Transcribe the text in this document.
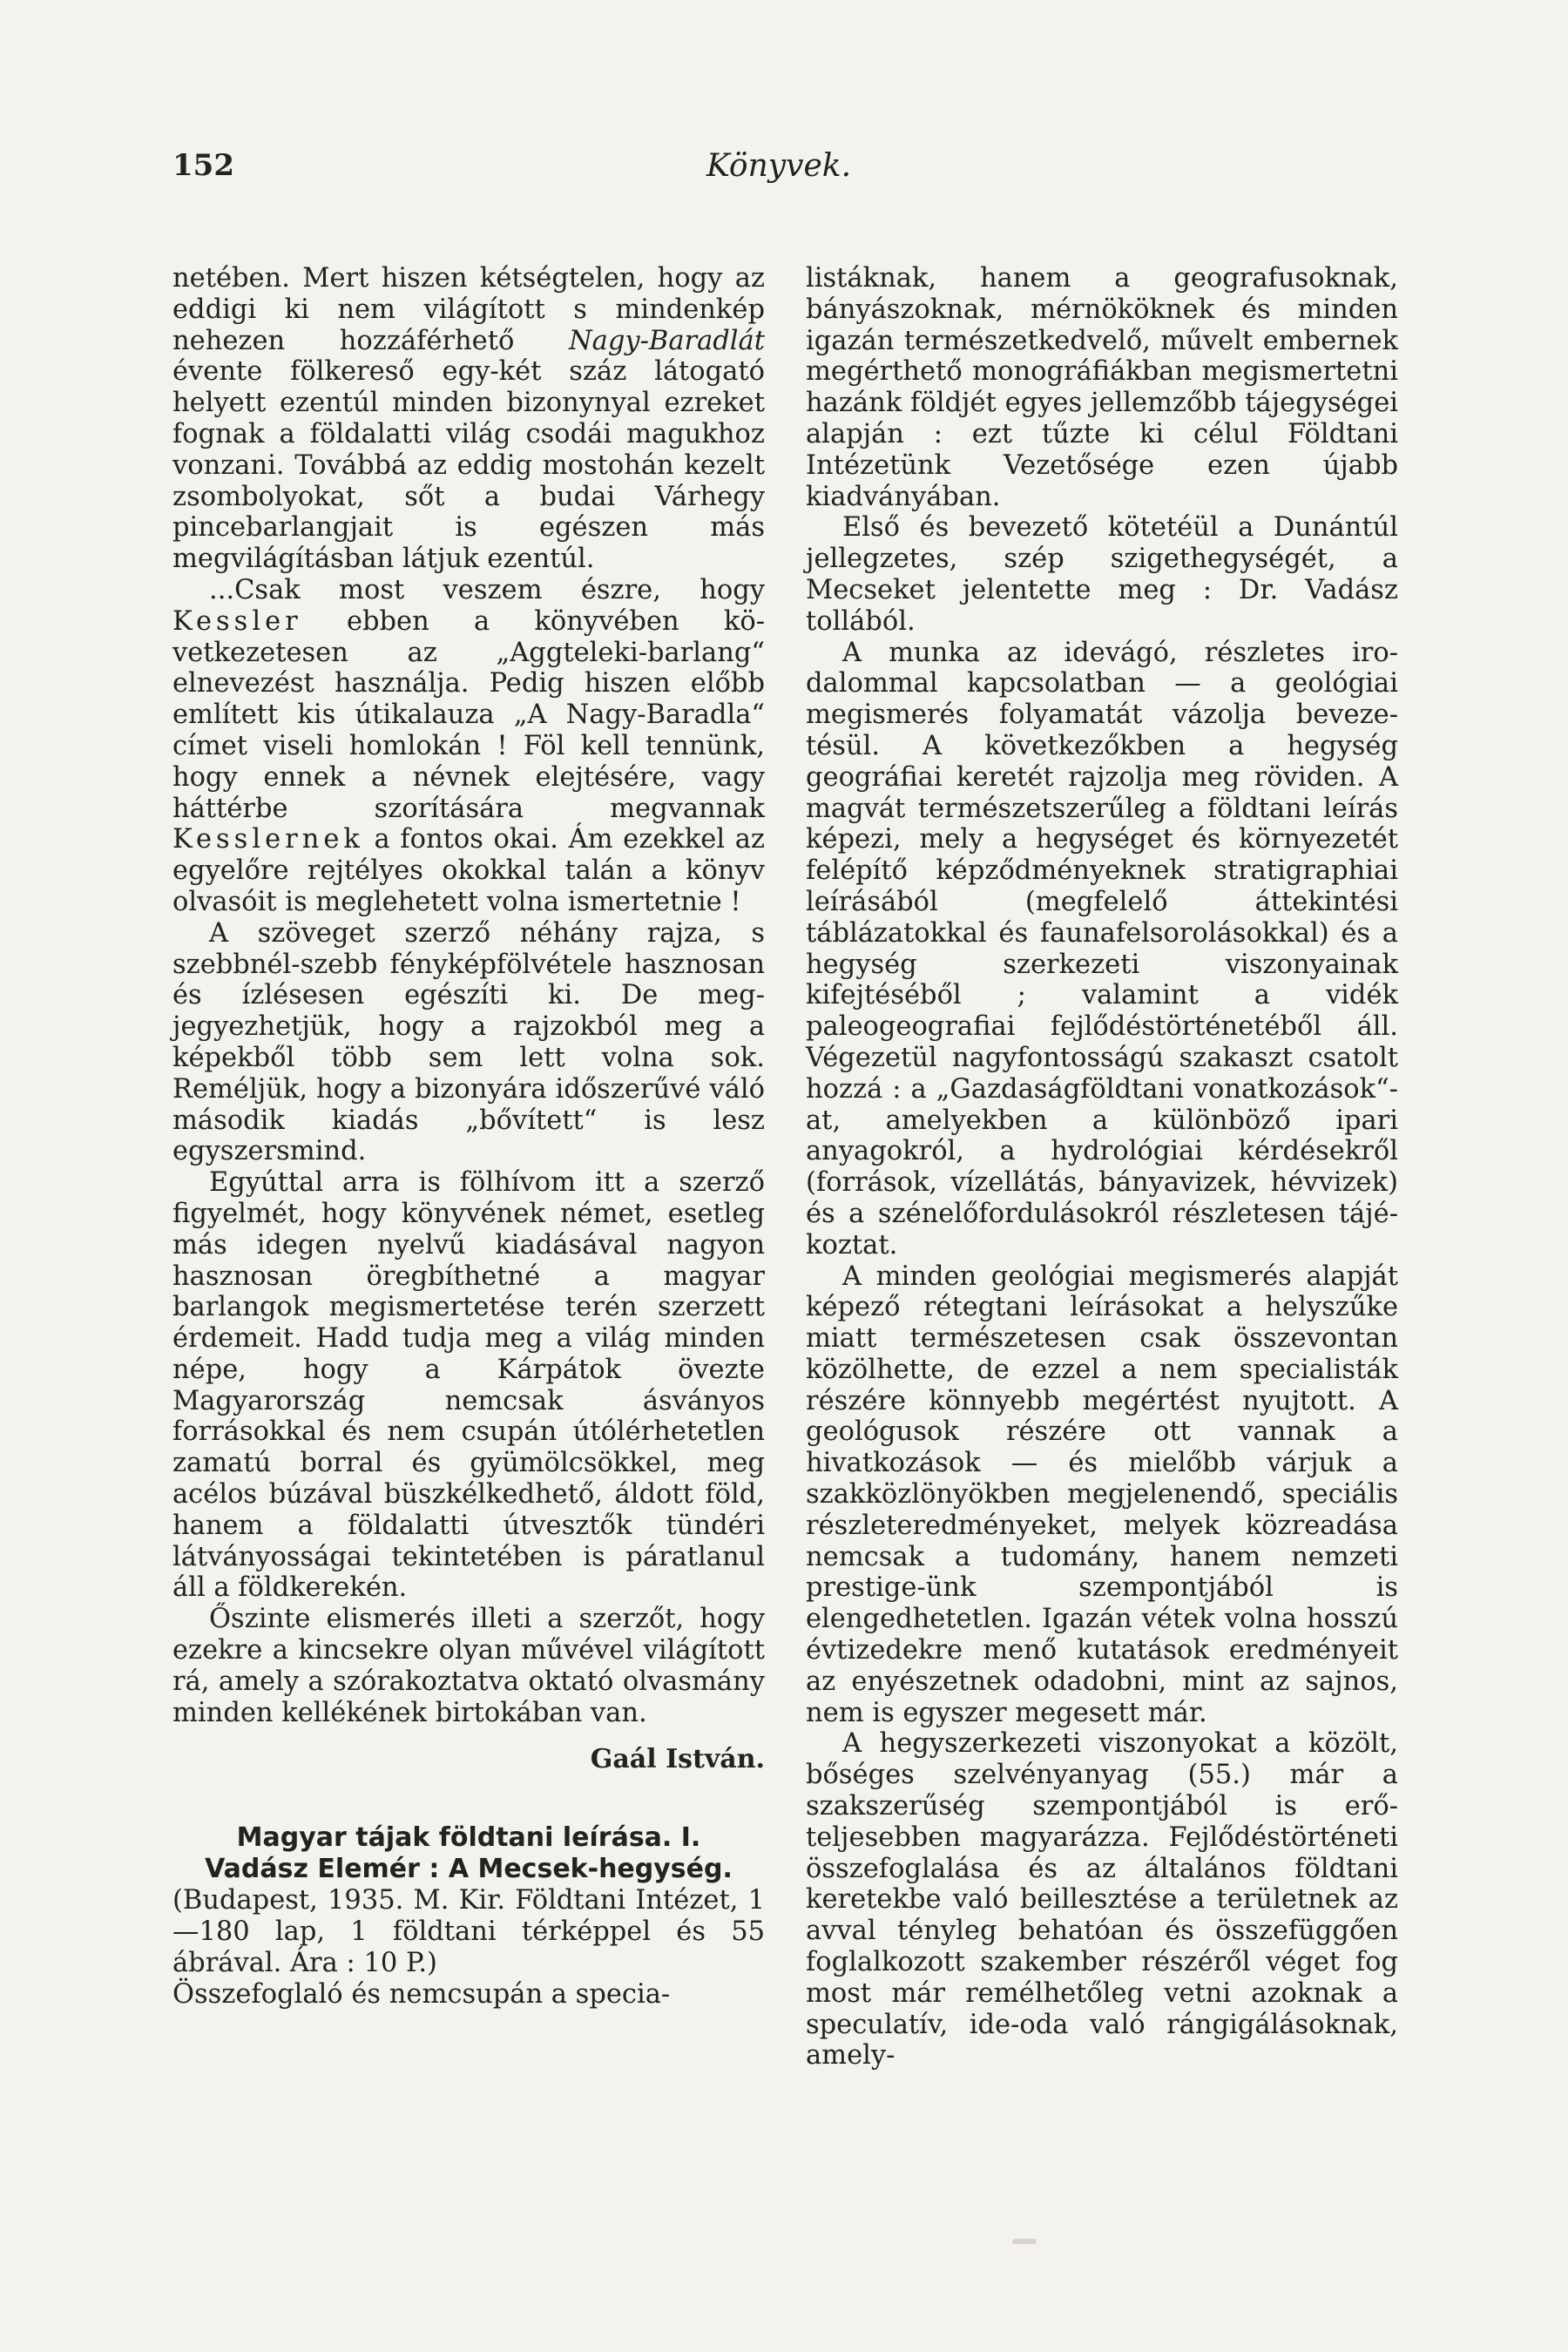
152	Könyvek.

netében. Mert hiszen kétségtelen, hogy az eddigi ki nem világított s mindenkép nehezen hozzáférhető Nagy-Baradlát évente fölkereső egy-két száz látogató helyett ezentúl minden bizonynyal ezreket fognak a földalatti világ csodái magukhoz vonzani. Továbbá az eddig mostohán kezelt zsombolyokat, sőt a budai Várhegy pincebarlangjait is egészen más megvilágításban látjuk ezentúl.

...Csak most veszem észre, hogy Kessler ebben a könyvében következetesen az „Aggteleki-barlang“ elnevezést használja. Pedig hiszen előbb említett kis útikalauza „A Nagy-Baradla“ címet viseli homlokán ! Föl kell tennünk, hogy ennek a névnek elejtésére, vagy háttérbe szorítására megvannak Kesslernek a fontos okai. Ám ezekkel az egyelőre rejtélyes okokkal talán a könyv olvasóit is meglehetett volna ismertetnie !

A szöveget szerző néhány rajza, s szebbnél-szebb fényképfölvétele hasznosan és ízlésesen egészíti ki. De megjegyezhetjük, hogy a rajzokból meg a képekből több sem lett volna sok. Reméljük, hogy a bizonyára időszerűvé váló második kiadás „bővített“ is lesz egyszersmind.

Egyúttal arra is fölhívom itt a szerző figyelmét, hogy könyvének német, esetleg más idegen nyelvű kiadásával nagyon hasznosan öregbíthetné a magyar barlangok megismertetése terén szerzett érdemeit. Hadd tudja meg a világ minden népe, hogy a Kárpátok övezte Magyarország nemcsak ásványos forrásokkal és nem csupán útólérhetetlen zamatú borral és gyümölcsökkel, meg acélos búzával büszkélkedhető, áldott föld, hanem a földalatti útvesztők tündéri látványosságai tekintetében is páratlanul áll a földkerekén.

Őszinte elismerés illeti a szerzőt, hogy ezekre a kincsekre olyan művével világított rá, amely a szórakoztatva oktató olvasmány minden kellékének birtokában van.

Gaál István.
Magyar tájak földtani leírása. I.
Vadász Elemér : A Mecsek-hegység.

(Budapest, 1935. M. Kir. Földtani Intézet, 1—180 lap, 1 földtani térképpel és 55 ábrával. Ára : 10 P.)

Összefoglaló és nemcsupán a specia-

listáknak, hanem a geografusoknak, bányászoknak, mérnököknek és minden igazán természetkedvelő, művelt embernek megérthető monográfiákban megismertetni hazánk földjét egyes jellemzőbb tájegységei alapján : ezt tűzte ki célul Földtani Intézetünk Vezetősége ezen újabb kiadványában.

Első és bevezető kötetéül a Dunántúl jellegzetes, szép szigethegységét, a Mecseket jelentette meg : Dr. Vadász tollából.

A munka az idevágó, részletes irodalommal kapcsolatban — a geológiai megismerés folyamatát vázolja bevezetésül. A következőkben a hegység geográfiai keretét rajzolja meg röviden. A magvát természetszerűleg a földtani leírás képezi, mely a hegységet és környezetét felépítő képződményeknek stratigraphiai leírásából (megfelelő áttekintési táblázatokkal és faunafelsorolásokkal) és a hegység szerkezeti viszonyainak kifejtéséből ; valamint a vidék paleogeografiai fejlődéstörténetéből áll. Végezetül nagyfontosságú szakaszt csatolt hozzá : a „Gazdaságföldtani vonatkozások“-at, amelyekben a különböző ipari anyagokról, a hydrológiai kérdésekről (források, vízellátás, bányavizek, hévvizek) és a szénelőfordulásokról részletesen tájékoztat.

A minden geológiai megismerés alapját képező rétegtani leírásokat a helyszűke miatt természetesen csak összevontan közölhette, de ezzel a nem specialisták részére könnyebb megértést nyujtott. A geológusok részére ott vannak a hivatkozások — és mielőbb várjuk a szakközlönyökben megjelenendő, speciális részleteredményeket, melyek közreadása nemcsak a tudomány, hanem nemzeti prestige-ünk szempontjából is elengedhetetlen. Igazán vétek volna hosszú évtizedekre menő kutatások eredményeit az enyészetnek odadobni, mint az sajnos, nem is egyszer megesett már.

A hegyszerkezeti viszonyokat a közölt, bőséges szelvényanyag (55.) már a szakszerűség szempontjából is erőteljesebben magyarázza. Fejlődéstörténeti összefoglalása és az általános földtani keretekbe való beillesztése a területnek az avval tényleg behatóan és összefüggően foglalkozott szakember részéről véget fog most már remélhetőleg vetni azoknak a speculatív, ide-oda való rángigálásoknak, amely-
